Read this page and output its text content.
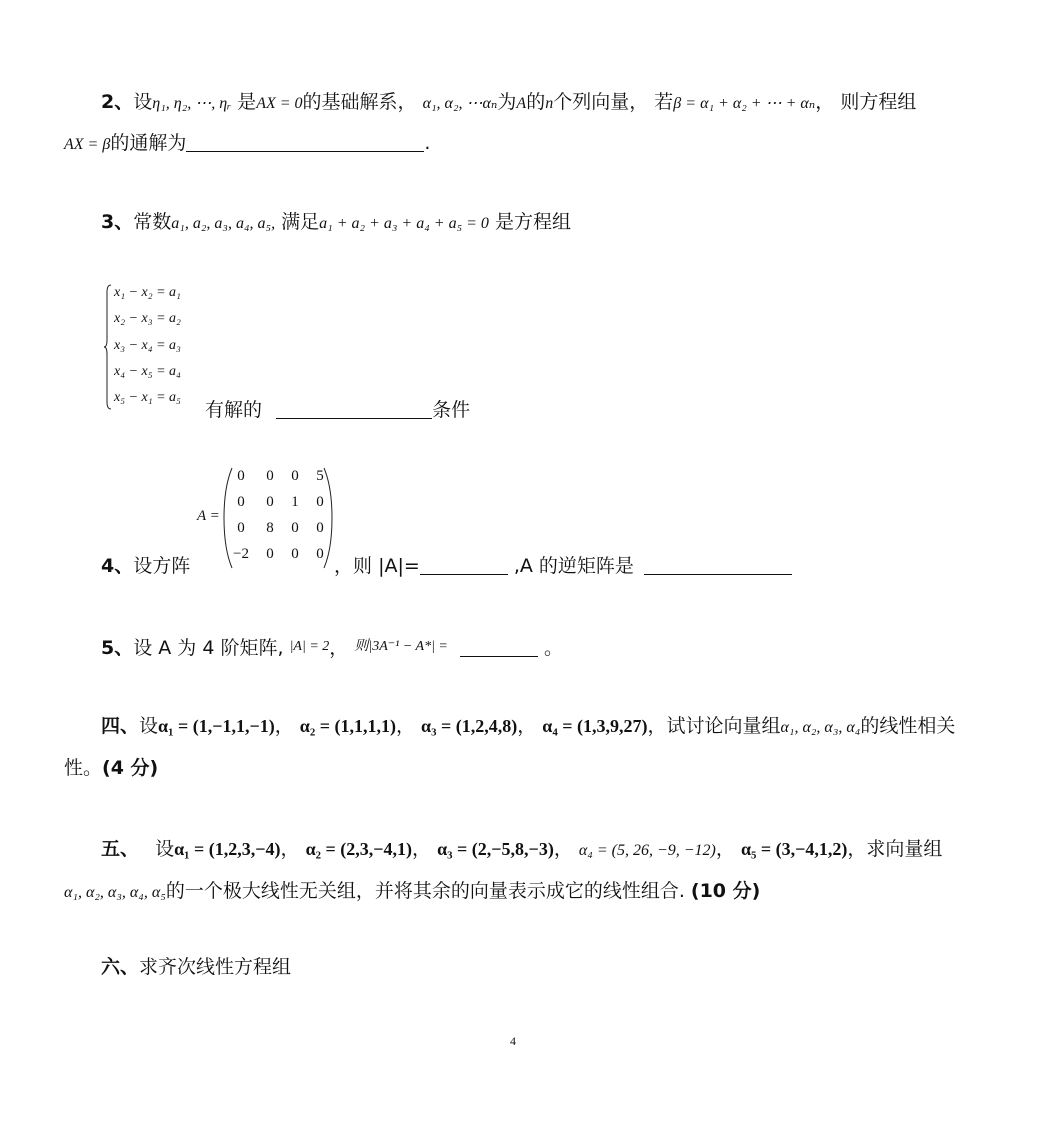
2、设η₁, η₂, ⋯, ηᵣ 是AX = 0的基础解系， α₁, α₂, ⋯αₙ为A的n个列向量， 若β = α₁ + α₂ + ⋯ + αₙ， 则方程组
AX = β的通解为	.
3、常数a₁, a₂, a₃, a₄, a₅, 满足a₁ + a₂ + a₃ + a₄ + a₅ = 0 是方程组
x₁ − x₂ = a₁
x₂ − x₃ = a₂
x₃ − x₄ = a₃
x₄ − x₅ = a₄
x₅ − x₁ = a₅
有解的	条件
A =
0	0	0	5
0	0	1	0
0	8	0	0
−2	0	0	0
4、设方阵	，则 |A|=	,A 的逆矩阵是
5、设 A 为 4 阶矩阵, $^{|A| = 2}$， $^{则|3A^{-1} - A*| =}$	。
四、设α₁ = (1,−1,1,−1)， α₂ = (1,1,1,1)， α₃ = (1,2,4,8)， α₄ = (1,3,9,27)，试讨论向量组α₁, α₂, α₃, α₄的线性相关
性。(4 分)
五、 设α₁ = (1,2,3,−4)， α₂ = (2,3,−4,1)， α₃ = (2,−5,8,−3)， α₄ = (5, 26, −9, −12)， α₅ = (3,−4,1,2)，求向量组
α₁, α₂, α₃, α₄, α₅的一个极大线性无关组，并将其余的向量表示成它的线性组合. (10 分)
六、求齐次线性方程组
4
